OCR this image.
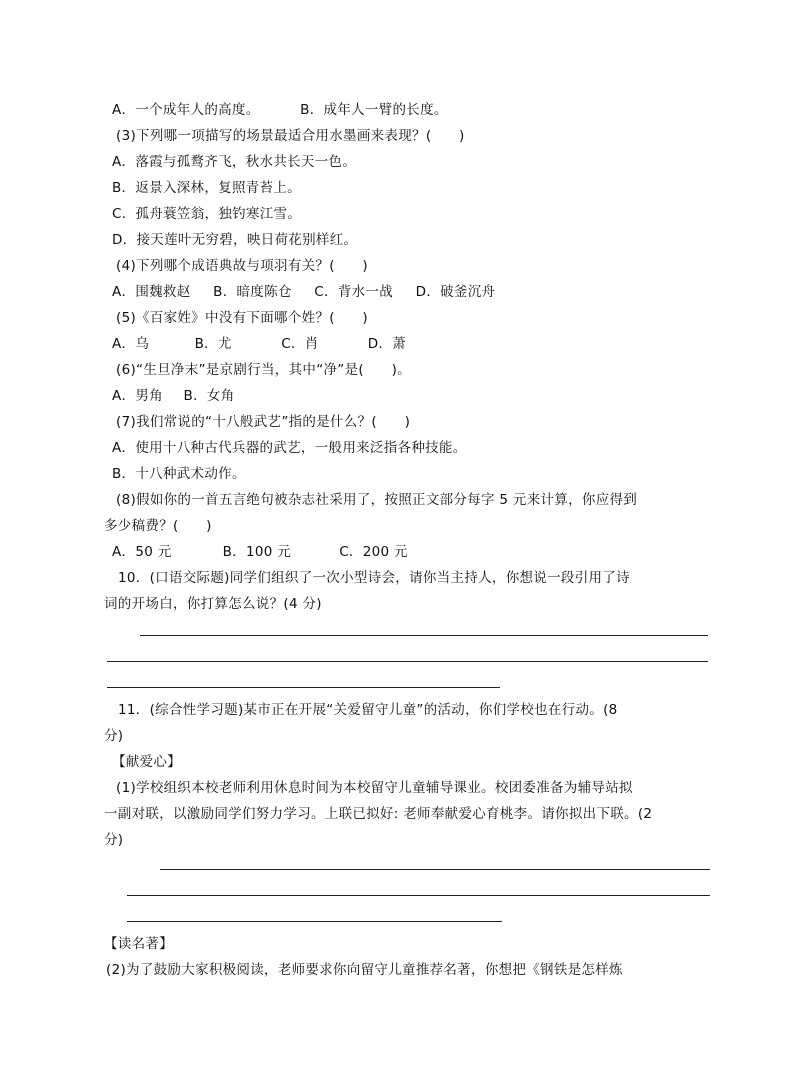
A．一个成年人的高度。	B．成年人一臂的长度。
(3)下列哪一项描写的场景最适合用水墨画来表现？(　　)
A．落霞与孤鹜齐飞，秋水共长天一色。
B．返景入深林，复照青苔上。
C．孤舟蓑笠翁，独钓寒江雪。
D．接天莲叶无穷碧，映日荷花别样红。
(4)下列哪个成语典故与项羽有关？(　　)
A．围魏救赵 B．暗度陈仓 C．背水一战 D．破釜沉舟
(5)《百家姓》中没有下面哪个姓？(　　)
A．乌	B．尤	C．肖	D．萧
(6)“生旦净末”是京剧行当，其中“净”是(　　)。
A．男角 B．女角
(7)我们常说的“十八般武艺”指的是什么？(　　)
A．使用十八种古代兵器的武艺，一般用来泛指各种技能。
B．十八种武术动作。
(8)假如你的一首五言绝句被杂志社采用了，按照正文部分每字 5 元来计算，你应得到
多少稿费？(　　)
A．50 元	B．100 元	C．200 元
10．(口语交际题)同学们组织了一次小型诗会，请你当主持人，你想说一段引用了诗
词的开场白，你打算怎么说？(4 分)
11．(综合性学习题)某市正在开展“关爱留守儿童”的活动，你们学校也在行动。(8
分)
【献爱心】
(1)学校组织本校老师利用休息时间为本校留守儿童辅导课业。校团委准备为辅导站拟
一副对联，以激励同学们努力学习。上联已拟好: 老师奉献爱心育桃李。请你拟出下联。(2
分)
【读名著】
(2)为了鼓励大家积极阅读，老师要求你向留守儿童推荐名著，你想把《钢铁是怎样炼
